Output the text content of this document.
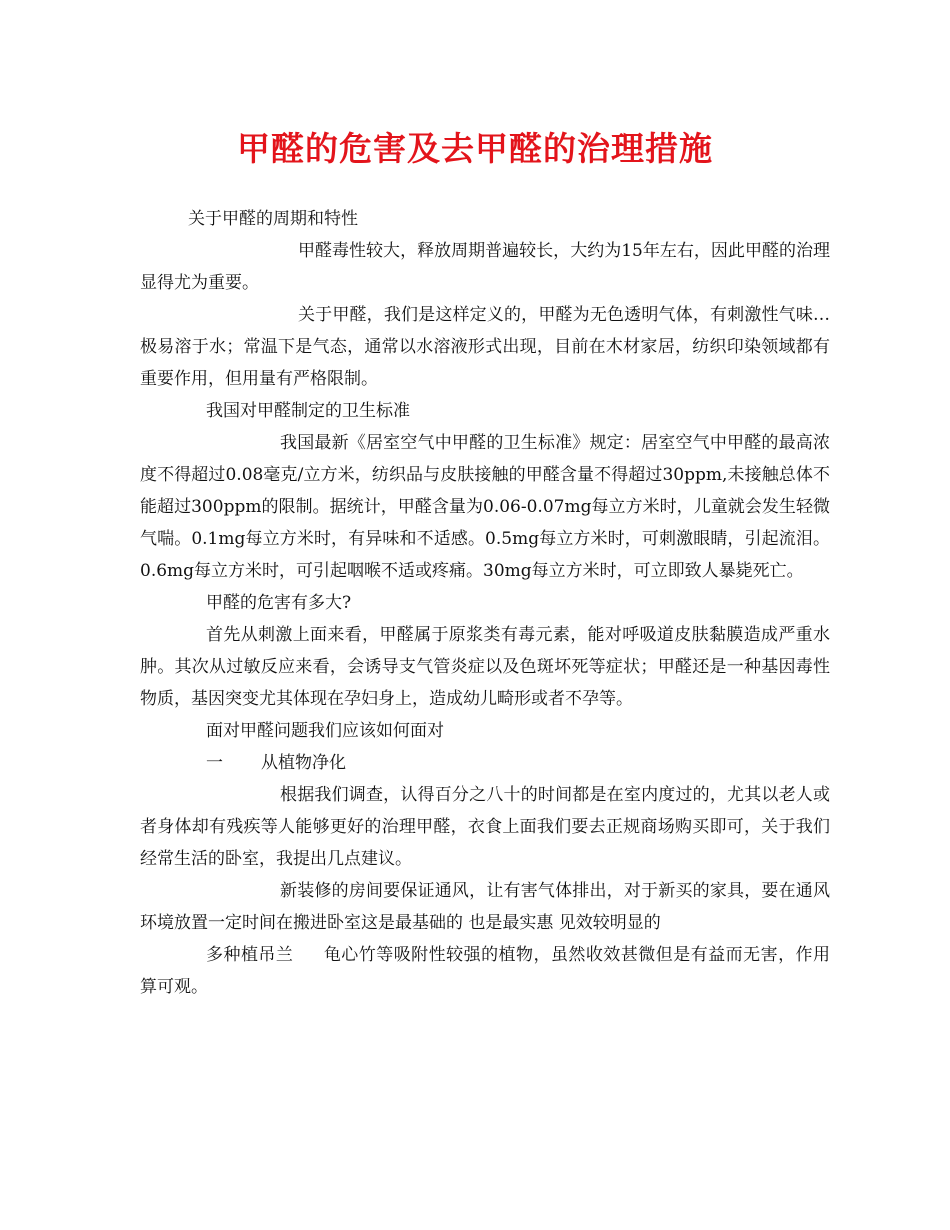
甲醛的危害及去甲醛的治理措施

关于甲醛的周期和特性

甲醛毒性较大，释放周期普遍较长，大约为15年左右，因此甲醛的治理显得尤为重要。

关于甲醛，我们是这样定义的，甲醛为无色透明气体，有刺激性气味…极易溶于水；常温下是气态，通常以水溶液形式出现，目前在木材家居，纺织印染领域都有重要作用，但用量有严格限制。

我国对甲醛制定的卫生标准

我国最新《居室空气中甲醛的卫生标准》规定：居室空气中甲醛的最高浓度不得超过0.08毫克/立方米，纺织品与皮肤接触的甲醛含量不得超过30ppm,未接触总体不能超过300ppm的限制。据统计，甲醛含量为0.06-0.07mg每立方米时，儿童就会发生轻微气喘。0.1mg每立方米时，有异味和不适感。0.5mg每立方米时，可刺激眼睛，引起流泪。0.6mg每立方米时，可引起咽喉不适或疼痛。30mg每立方米时，可立即致人暴毙死亡。

甲醛的危害有多大?

首先从刺激上面来看，甲醛属于原浆类有毒元素，能对呼吸道皮肤黏膜造成严重水肿。其次从过敏反应来看，会诱导支气管炎症以及色斑坏死等症状；甲醛还是一种基因毒性物质，基因突变尤其体现在孕妇身上，造成幼儿畸形或者不孕等。

面对甲醛问题我们应该如何面对

一 从植物净化

根据我们调查，认得百分之八十的时间都是在室内度过的，尤其以老人或者身体却有残疾等人能够更好的治理甲醛，衣食上面我们要去正规商场购买即可，关于我们经常生活的卧室，我提出几点建议。

新装修的房间要保证通风，让有害气体排出，对于新买的家具，要在通风环境放置一定时间在搬进卧室这是最基础的 也是最实惠 见效较明显的

多种植吊兰 龟心竹等吸附性较强的植物，虽然收效甚微但是有益而无害，作用算可观。
